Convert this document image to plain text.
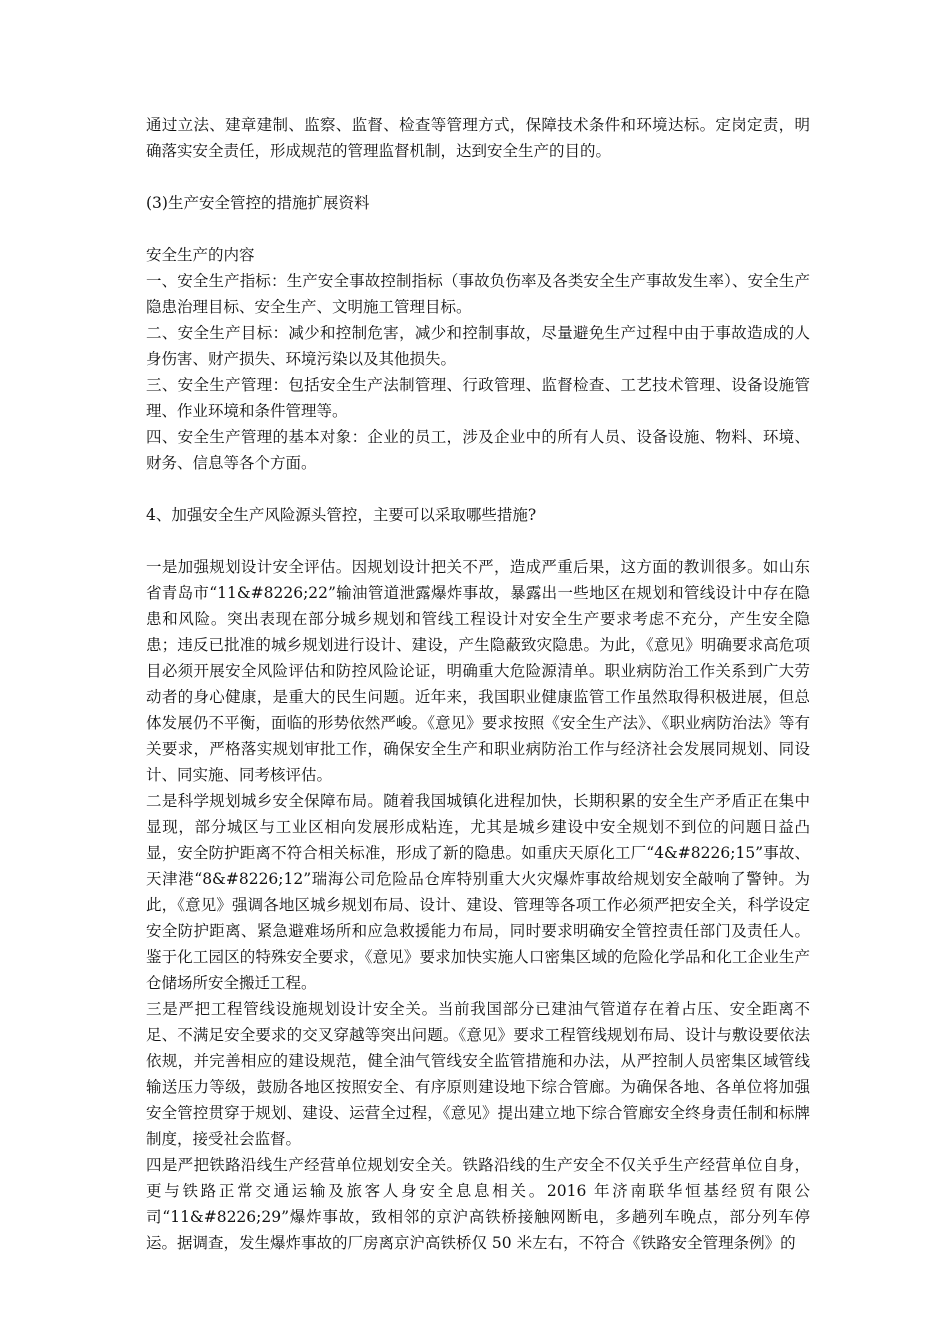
通过立法、建章建制、监察、监督、检查等管理方式，保障技术条件和环境达标。定岗定责，明确落实安全责任，形成规范的管理监督机制，达到安全生产的目的。

(3)生产安全管控的措施扩展资料

安全生产的内容

一、安全生产指标：生产安全事故控制指标（事故负伤率及各类安全生产事故发生率）、安全生产隐患治理目标、安全生产、文明施工管理目标。

二、安全生产目标：减少和控制危害，减少和控制事故，尽量避免生产过程中由于事故造成的人身伤害、财产损失、环境污染以及其他损失。

三、安全生产管理：包括安全生产法制管理、行政管理、监督检查、工艺技术管理、设备设施管理、作业环境和条件管理等。

四、安全生产管理的基本对象：企业的员工，涉及企业中的所有人员、设备设施、物料、环境、财务、信息等各个方面。

4、加强安全生产风险源头管控，主要可以采取哪些措施?

一是加强规划设计安全评估。因规划设计把关不严，造成严重后果，这方面的教训很多。如山东省青岛市“11&#8226;22”输油管道泄露爆炸事故，暴露出一些地区在规划和管线设计中存在隐患和风险。突出表现在部分城乡规划和管线工程设计对安全生产要求考虑不充分，产生安全隐患；违反已批准的城乡规划进行设计、建设，产生隐蔽致灾隐患。为此，《意见》明确要求高危项目必须开展安全风险评估和防控风险论证，明确重大危险源清单。职业病防治工作关系到广大劳动者的身心健康，是重大的民生问题。近年来，我国职业健康监管工作虽然取得积极进展，但总体发展仍不平衡，面临的形势依然严峻。《意见》要求按照《安全生产法》、《职业病防治法》等有关要求，严格落实规划审批工作，确保安全生产和职业病防治工作与经济社会发展同规划、同设计、同实施、同考核评估。

二是科学规划城乡安全保障布局。随着我国城镇化进程加快，长期积累的安全生产矛盾正在集中显现，部分城区与工业区相向发展形成粘连，尤其是城乡建设中安全规划不到位的问题日益凸显，安全防护距离不符合相关标准，形成了新的隐患。如重庆天原化工厂“4&#8226;15”事故、天津港“8&#8226;12”瑞海公司危险品仓库特别重大火灾爆炸事故给规划安全敲响了警钟。为此，《意见》强调各地区城乡规划布局、设计、建设、管理等各项工作必须严把安全关，科学设定安全防护距离、紧急避难场所和应急救援能力布局，同时要求明确安全管控责任部门及责任人。鉴于化工园区的特殊安全要求，《意见》要求加快实施人口密集区域的危险化学品和化工企业生产仓储场所安全搬迁工程。

三是严把工程管线设施规划设计安全关。当前我国部分已建油气管道存在着占压、安全距离不足、不满足安全要求的交叉穿越等突出问题。《意见》要求工程管线规划布局、设计与敷设要依法依规，并完善相应的建设规范，健全油气管线安全监管措施和办法，从严控制人员密集区域管线输送压力等级，鼓励各地区按照安全、有序原则建设地下综合管廊。为确保各地、各单位将加强安全管控贯穿于规划、建设、运营全过程，《意见》提出建立地下综合管廊安全终身责任制和标牌制度，接受社会监督。

四是严把铁路沿线生产经营单位规划安全关。铁路沿线的生产安全不仅关乎生产经营单位自身，更与铁路正常交通运输及旅客人身安全息息相关。2016 年济南联华恒基经贸有限公司“11&#8226;29”爆炸事故，致相邻的京沪高铁桥接触网断电，多趟列车晚点，部分列车停运。据调查，发生爆炸事故的厂房离京沪高铁桥仅 50 米左右，不符合《铁路安全管理条例》的
